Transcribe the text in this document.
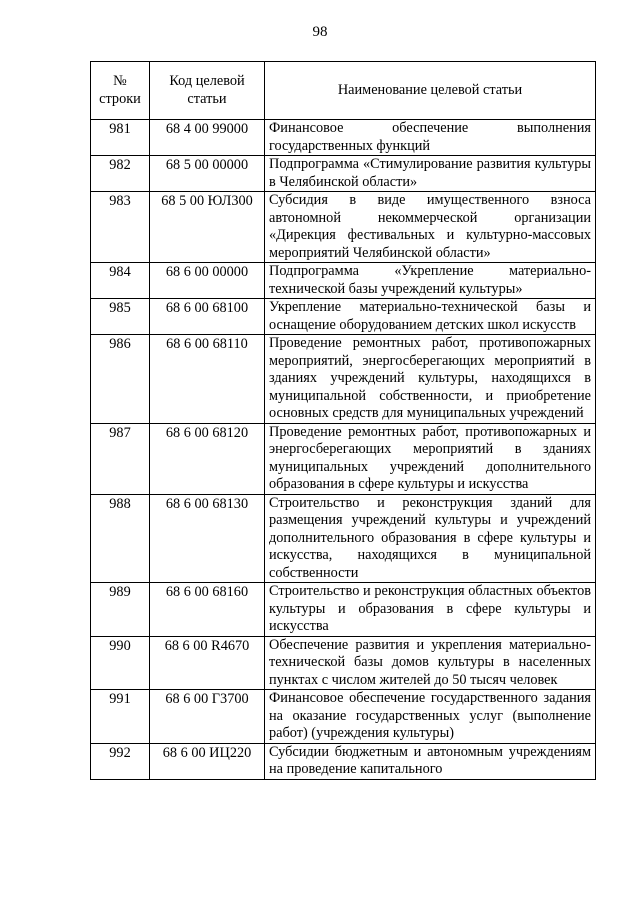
98
№ строки	Код целевой статьи	Наименование целевой статьи
981	68 4 00 99000	Финансовое обеспечение выполнения государственных функций
982	68 5 00 00000	Подпрограмма «Стимулирование развития культуры в Челябинской области»
983	68 5 00 ЮЛ300	Субсидия в виде имущественного взноса автономной некоммерческой организации «Дирекция фестивальных и культурно-массовых мероприятий Челябинской области»
984	68 6 00 00000	Подпрограмма «Укрепление материально-технической базы учреждений культуры»
985	68 6 00 68100	Укрепление материально-технической базы и оснащение оборудованием детских школ искусств
986	68 6 00 68110	Проведение ремонтных работ, противопожарных мероприятий, энергосберегающих мероприятий в зданиях учреждений культуры, находящихся в муниципальной собственности, и приобретение основных средств для муниципальных учреждений
987	68 6 00 68120	Проведение ремонтных работ, противопожарных и энергосберегающих мероприятий в зданиях муниципальных учреждений дополнительного образования в сфере культуры и искусства
988	68 6 00 68130	Строительство и реконструкция зданий для размещения учреждений культуры и учреждений дополнительного образования в сфере культуры и искусства, находящихся в муниципальной собственности
989	68 6 00 68160	Строительство и реконструкция областных объектов культуры и образования в сфере культуры и искусства
990	68 6 00 R4670	Обеспечение развития и укрепления материально-технической базы домов культуры в населенных пунктах с числом жителей до 50 тысяч человек
991	68 6 00 Г3700	Финансовое обеспечение государственного задания на оказание государственных услуг (выполнение работ) (учреждения культуры)
992	68 6 00 ИЦ220	Субсидии бюджетным и автономным учреждениям на проведение капитального
